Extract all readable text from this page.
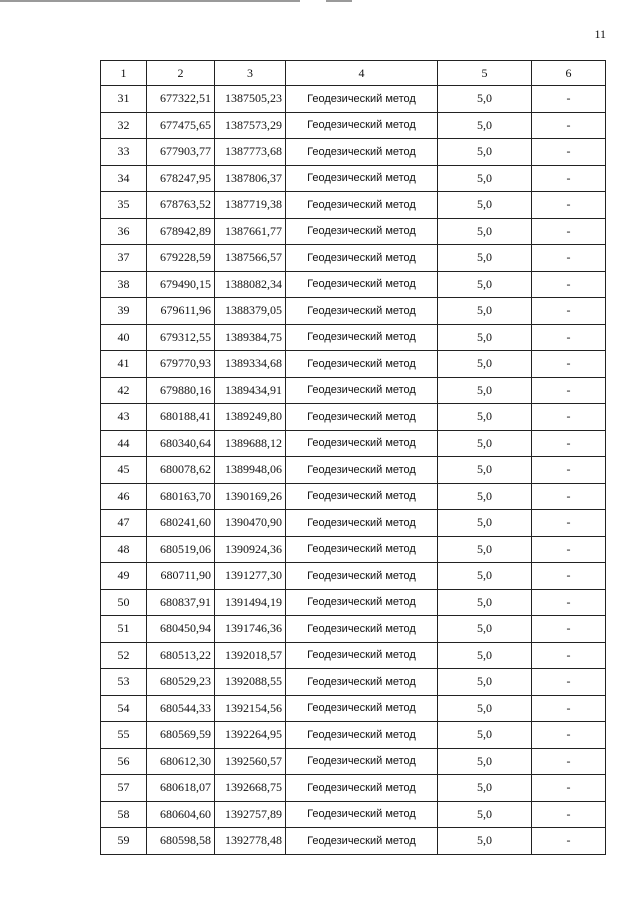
11
1	2	3	4	5	6
31	677322,51	1387505,23	Геодезический метод	5,0	-
32	677475,65	1387573,29	Геодезический метод	5,0	-
33	677903,77	1387773,68	Геодезический метод	5,0	-
34	678247,95	1387806,37	Геодезический метод	5,0	-
35	678763,52	1387719,38	Геодезический метод	5,0	-
36	678942,89	1387661,77	Геодезический метод	5,0	-
37	679228,59	1387566,57	Геодезический метод	5,0	-
38	679490,15	1388082,34	Геодезический метод	5,0	-
39	679611,96	1388379,05	Геодезический метод	5,0	-
40	679312,55	1389384,75	Геодезический метод	5,0	-
41	679770,93	1389334,68	Геодезический метод	5,0	-
42	679880,16	1389434,91	Геодезический метод	5,0	-
43	680188,41	1389249,80	Геодезический метод	5,0	-
44	680340,64	1389688,12	Геодезический метод	5,0	-
45	680078,62	1389948,06	Геодезический метод	5,0	-
46	680163,70	1390169,26	Геодезический метод	5,0	-
47	680241,60	1390470,90	Геодезический метод	5,0	-
48	680519,06	1390924,36	Геодезический метод	5,0	-
49	680711,90	1391277,30	Геодезический метод	5,0	-
50	680837,91	1391494,19	Геодезический метод	5,0	-
51	680450,94	1391746,36	Геодезический метод	5,0	-
52	680513,22	1392018,57	Геодезический метод	5,0	-
53	680529,23	1392088,55	Геодезический метод	5,0	-
54	680544,33	1392154,56	Геодезический метод	5,0	-
55	680569,59	1392264,95	Геодезический метод	5,0	-
56	680612,30	1392560,57	Геодезический метод	5,0	-
57	680618,07	1392668,75	Геодезический метод	5,0	-
58	680604,60	1392757,89	Геодезический метод	5,0	-
59	680598,58	1392778,48	Геодезический метод	5,0	-
